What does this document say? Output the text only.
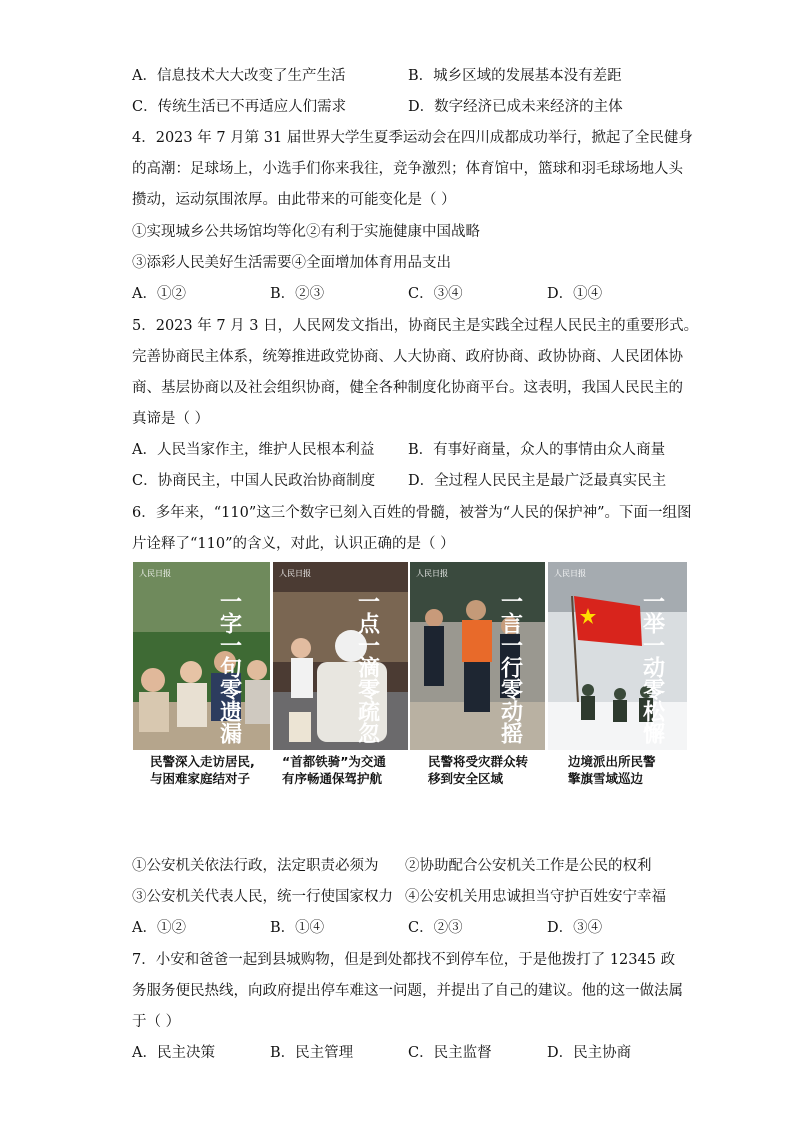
A．信息技术大大改变了生产生活	B．城乡区域的发展基本没有差距
C．传统生活已不再适应人们需求	D．数字经济已成未来经济的主体
4．2023 年 7 月第 31 届世界大学生夏季运动会在四川成都成功举行，掀起了全民健身
的高潮：足球场上，小选手们你来我往，竞争激烈；体育馆中，篮球和羽毛球场地人头
攒动，运动氛围浓厚。由此带来的可能变化是（ ）
①实现城乡公共场馆均等化②有利于实施健康中国战略
③添彩人民美好生活需要④全面增加体育用品支出
A．①②	B．②③	C．③④	D．①④
5．2023 年 7 月 3 日，人民网发文指出，协商民主是实践全过程人民民主的重要形式。
完善协商民主体系，统筹推进政党协商、人大协商、政府协商、政协协商、人民团体协
商、基层协商以及社会组织协商，健全各种制度化协商平台。这表明，我国人民民主的
真谛是（ ）
A．人民当家作主，维护人民根本利益 B．有事好商量，众人的事情由众人商量
C．协商民主，中国人民政治协商制度 D．全过程人民民主是最广泛最真实民主
6．多年来，“110”这三个数字已刻入百姓的骨髓，被誉为“人民的保护神”。下面一组图
片诠释了“110”的含义，对此，认识正确的是（ ）
人民日报
一字一句零遗漏
人民日报
一点一滴零疏忽
人民日报
一言一行零动摇
人民日报
一举一动零松懈
民警深入走访居民,
与困难家庭结对子
“首都铁骑”为交通
有序畅通保驾护航
民警将受灾群众转
移到安全区域
边境派出所民警
擎旗雪域巡边
①公安机关依法行政，法定职责必须为 ②协助配合公安机关工作是公民的权利
③公安机关代表人民，统一行使国家权力 ④公安机关用忠诚担当守护百姓安宁幸福
A．①②	B．①④	C．②③	D．③④
7．小安和爸爸一起到县城购物，但是到处都找不到停车位，于是他拨打了 12345 政
务服务便民热线，向政府提出停车难这一问题，并提出了自己的建议。他的这一做法属
于（ ）
A．民主决策	B．民主管理	C．民主监督	D．民主协商
